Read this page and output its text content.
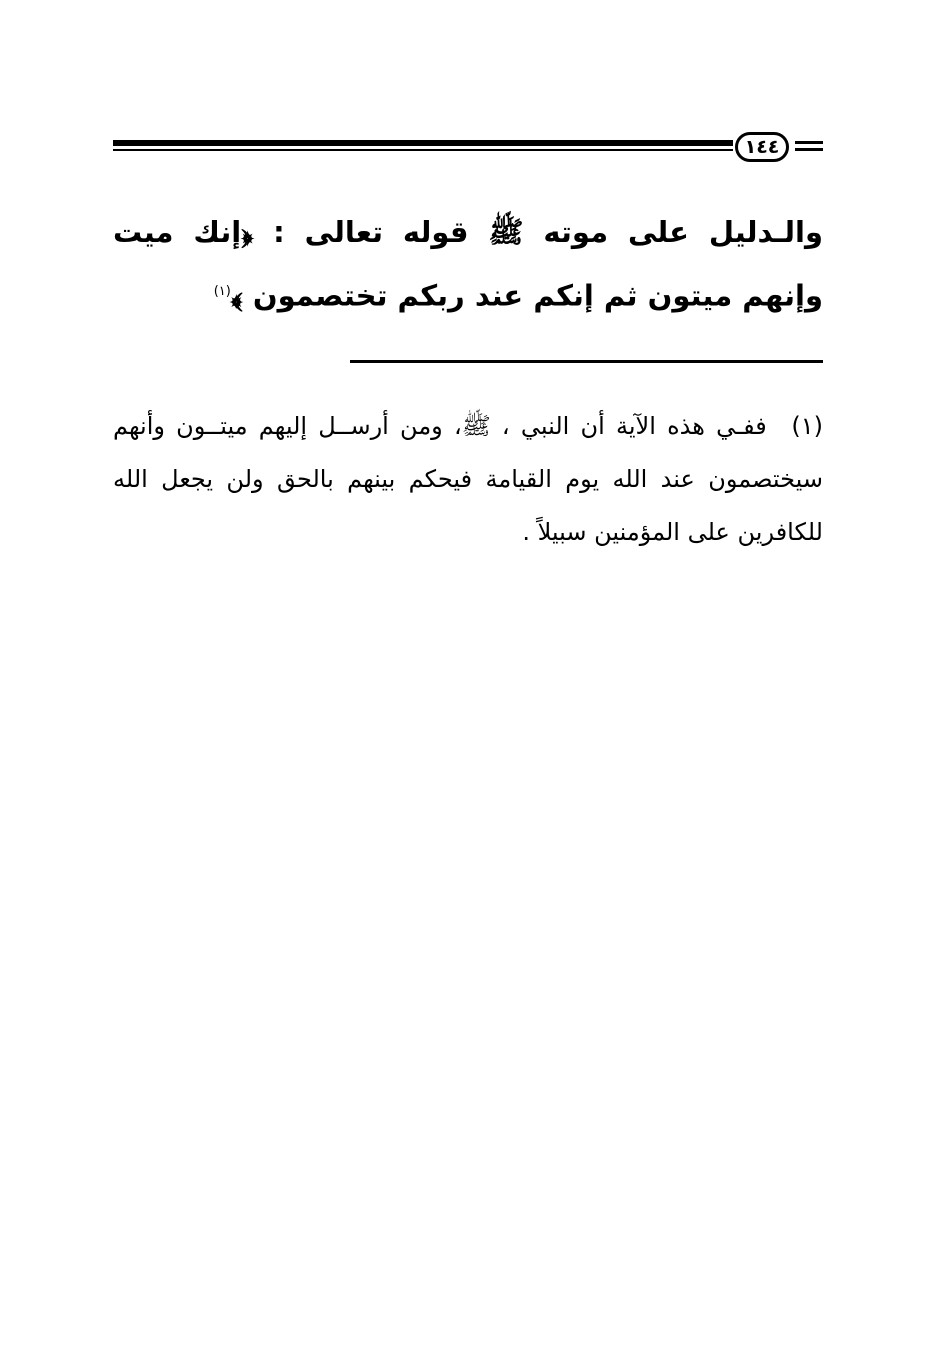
١٤٤

والـدليل على موته ﷺ قوله تعالى : ﴿إنك ميت وإنهم ميتون ثم إنكم عند ربكم تختصمون ﴾$^{(١)}$

(١) ففـي هذه الآية أن النبي ، ﷺ، ومن أرســل إليهم ميتــون وأنهم سيختصمون عند الله يوم القيامة فيحكم بينهم بالحق ولن يجعل الله للكافرين على المؤمنين سبيلاً .
